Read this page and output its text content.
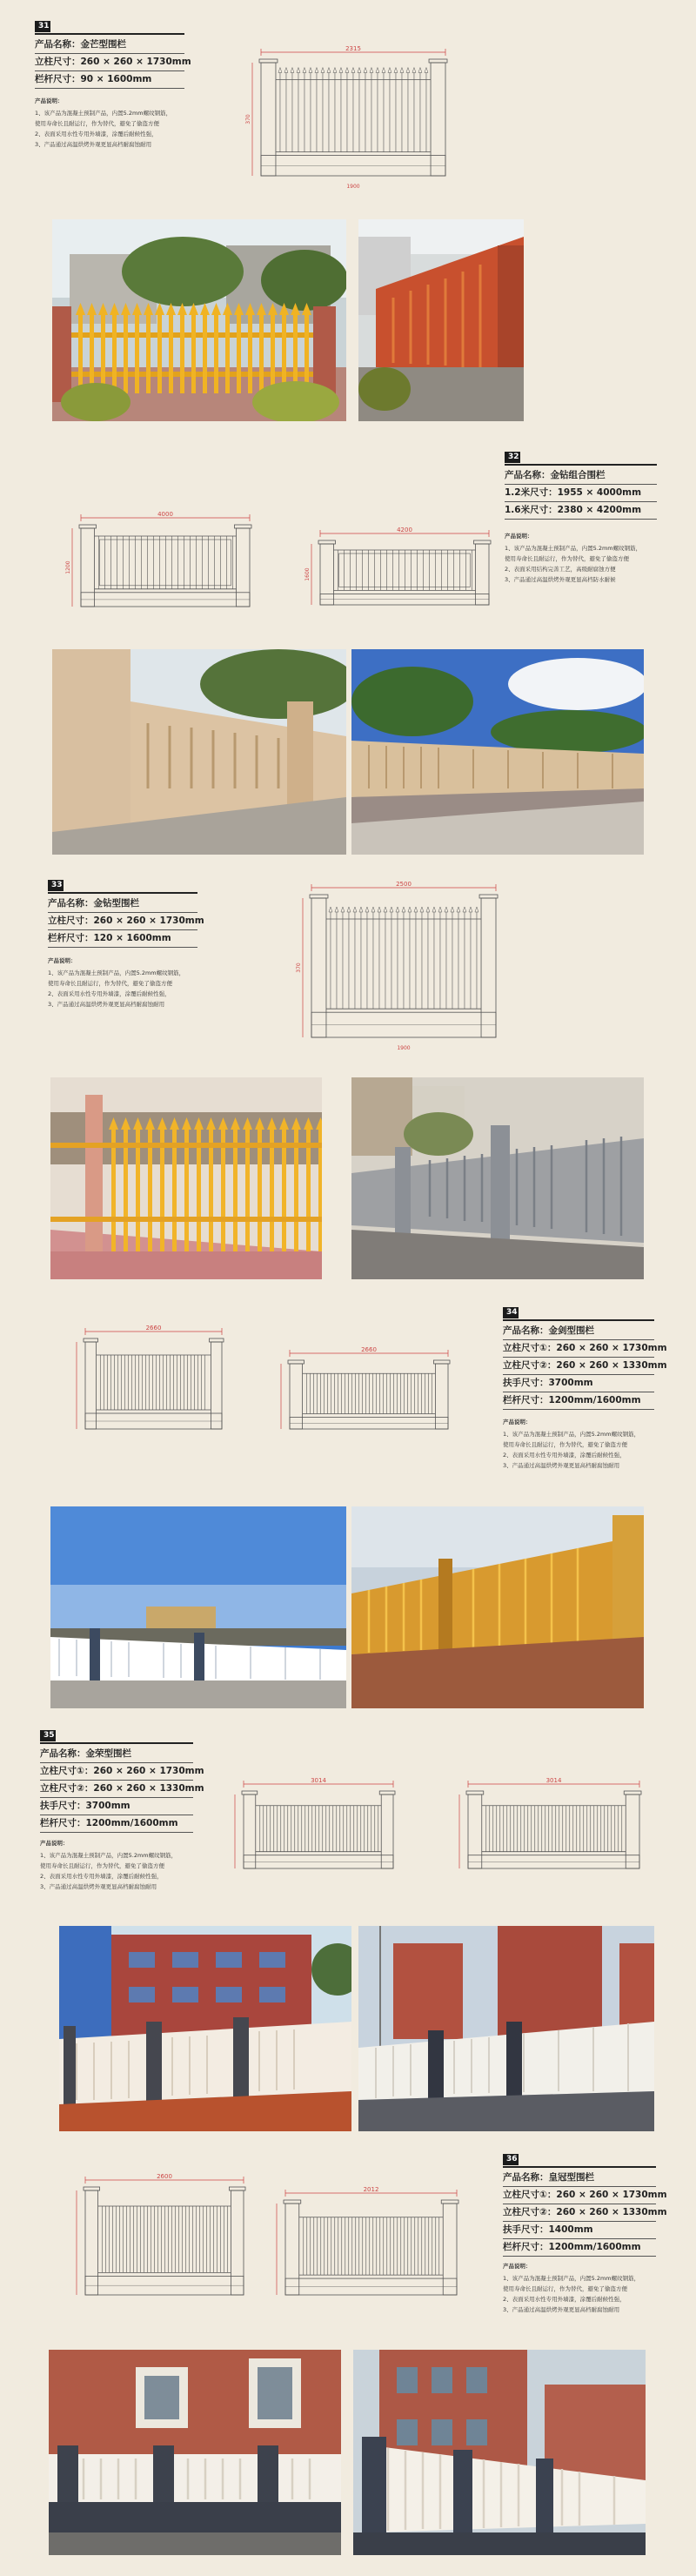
31
产品名称：金芒型围栏
立柱尺寸：260 × 260 × 1730mm
栏杆尺寸：90 × 1600mm
产品说明：
1、该产品为混凝土预制产品，内置5.2mm螺纹钢筋，
使用寿命长且耐运行，作为替代，避免了偷盗方便
2、表面采用水性专用外墙漆，涂覆后耐候性强，
3、产品通过高温烘烤外观更显高档耐腐蚀耐用
2315
370
1900
32
产品名称：金钻组合围栏
1.2米尺寸：1955 × 4000mm
1.6米尺寸：2380 × 4200mm
产品说明：
1、该产品为混凝土预制产品，内置5.2mm螺纹钢筋，
使用寿命长且耐运行，作为替代，避免了偷盗方便
2、表面采用结构完善工艺，高级耐腐蚀方便
3、产品通过高温烘烤外观更显高档防水耐候
4000
1200
4200
1600
33
产品名称：金钻型围栏
立柱尺寸：260 × 260 × 1730mm
栏杆尺寸：120 × 1600mm
产品说明：
1、该产品为混凝土预制产品，内置5.2mm螺纹钢筋，
使用寿命长且耐运行，作为替代，避免了偷盗方便
2、表面采用水性专用外墙漆，涂覆后耐候性强，
3、产品通过高温烘烤外观更显高档耐腐蚀耐用
2500
370
1900
34
产品名称：金剑型围栏
立柱尺寸①：260 × 260 × 1730mm
立柱尺寸②：260 × 260 × 1330mm
扶手尺寸：3700mm
栏杆尺寸：1200mm/1600mm
产品说明：
1、该产品为混凝土预制产品，内置5.2mm螺纹钢筋，
使用寿命长且耐运行，作为替代，避免了偷盗方便
2、表面采用水性专用外墙漆，涂覆后耐候性强，
3、产品通过高温烘烤外观更显高档耐腐蚀耐用
2660
2660
35
产品名称：金荣型围栏
立柱尺寸①：260 × 260 × 1730mm
立柱尺寸②：260 × 260 × 1330mm
扶手尺寸：3700mm
栏杆尺寸：1200mm/1600mm
产品说明：
1、该产品为混凝土预制产品，内置5.2mm螺纹钢筋，
使用寿命长且耐运行，作为替代，避免了偷盗方便
2、表面采用水性专用外墙漆，涂覆后耐候性强，
3、产品通过高温烘烤外观更显高档耐腐蚀耐用
3014	3014
36
产品名称：皇冠型围栏
立柱尺寸①：260 × 260 × 1730mm
立柱尺寸②：260 × 260 × 1330mm
扶手尺寸：1400mm
栏杆尺寸：1200mm/1600mm
产品说明：
1、该产品为混凝土预制产品，内置5.2mm螺纹钢筋，
使用寿命长且耐运行，作为替代，避免了偷盗方便
2、表面采用水性专用外墙漆，涂覆后耐候性强，
3、产品通过高温烘烤外观更显高档耐腐蚀耐用
2600
2012
